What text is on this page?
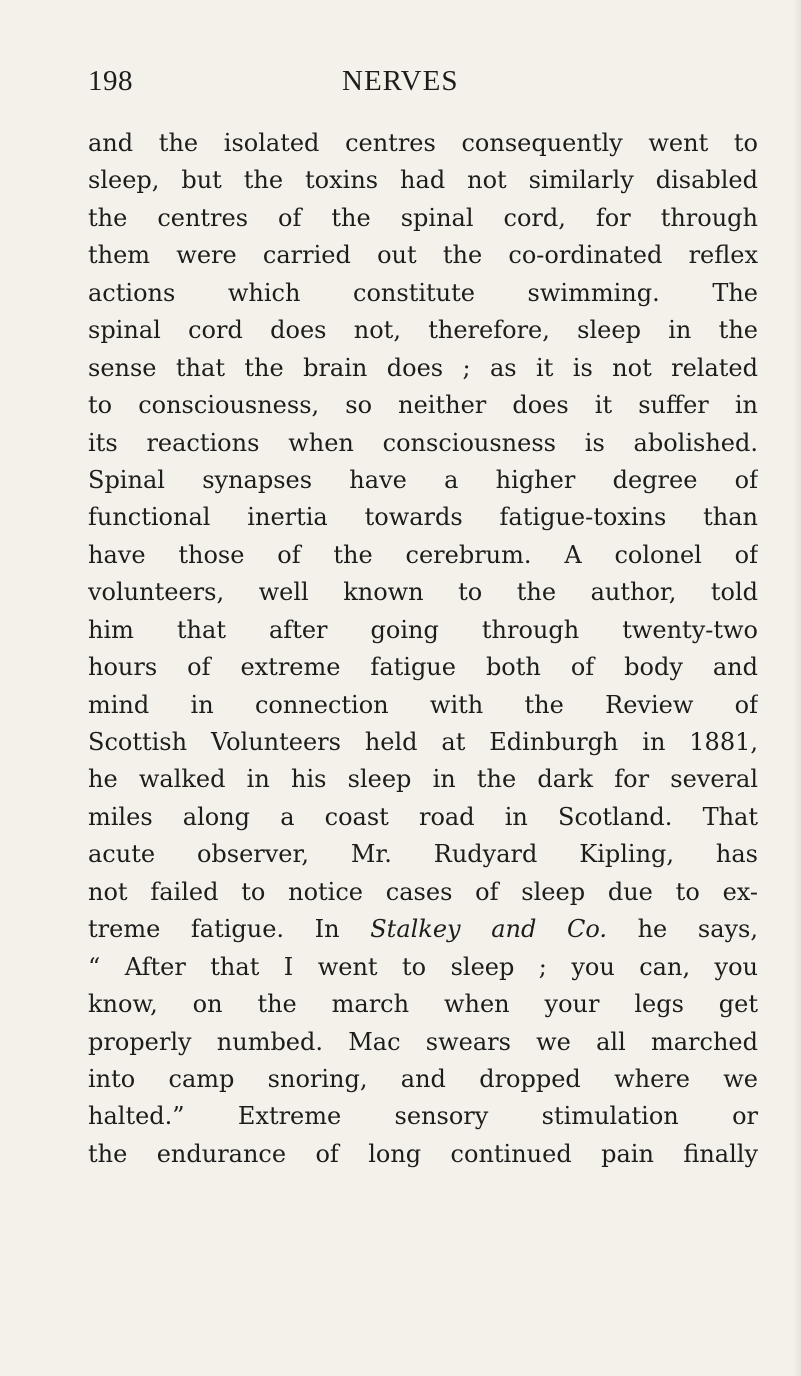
198	NERVES
and the isolated centres consequently went to
sleep, but the toxins had not similarly disabled
the centres of the spinal cord, for through
them were carried out the co-ordinated reflex
actions which constitute swimming. The
spinal cord does not, therefore, sleep in the
sense that the brain does ; as it is not related
to consciousness, so neither does it suffer in
its reactions when consciousness is abolished.
Spinal synapses have a higher degree of
functional inertia towards fatigue-toxins than
have those of the cerebrum. A colonel of
volunteers, well known to the author, told
him that after going through twenty-two
hours of extreme fatigue both of body and
mind in connection with the Review of
Scottish Volunteers held at Edinburgh in 1881,
he walked in his sleep in the dark for several
miles along a coast road in Scotland. That
acute observer, Mr. Rudyard Kipling, has
not failed to notice cases of sleep due to ex-
treme fatigue. In Stalkey and Co. he says,
“ After that I went to sleep ; you can, you
know, on the march when your legs get
properly numbed. Mac swears we all marched
into camp snoring, and dropped where we
halted.” Extreme sensory stimulation or
the endurance of long continued pain finally
